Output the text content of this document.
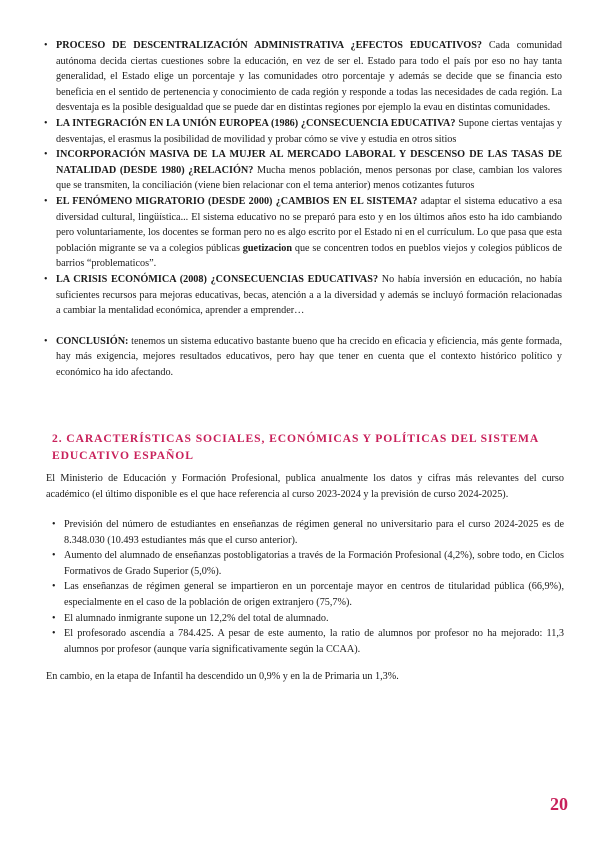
• PROCESO DE DESCENTRALIZACIÓN ADMINISTRATIVA ¿EFECTOS EDUCATIVOS? Cada comunidad autónoma decida ciertas cuestiones sobre la educación, en vez de ser el. Estado para todo el país por eso no hay tanta generalidad, el Estado elige un porcentaje y las comunidades otro porcentaje y además se decide que se financia esto beneficia en el sentido de pertenencia y conocimiento de cada región y responde a todas las necesidades de cada región. La desventaja es la posible desigualdad que se puede dar en distintas regiones por ejemplo la evau en distintas comunidades.
• LA INTEGRACIÓN EN LA UNIÓN EUROPEA (1986) ¿CONSECUENCIA EDUCATIVA? Supone ciertas ventajas y desventajas, el erasmus la posibilidad de movilidad y probar cómo se vive y estudia en otros sitios
• INCORPORACIÓN MASIVA DE LA MUJER AL MERCADO LABORAL Y DESCENSO DE LAS TASAS DE NATALIDAD (DESDE 1980) ¿RELACIÓN? Mucha menos población, menos personas por clase, cambian los valores que se transmiten, la conciliación (viene bien relacionar con el tema anterior) menos cotizantes futuros
• EL FENÓMENO MIGRATORIO (DESDE 2000) ¿CAMBIOS EN EL SISTEMA? adaptar el sistema educativo a esa diversidad cultural, lingüística... El sistema educativo no se preparó para esto y en los últimos años esto ha ido cambiando pero voluntariamente, los docentes se forman pero no es algo escrito por el Estado ni en el currículum. Lo que pasa que esta población migrante se va a colegios públicas guetizacion que se concentren todos en pueblos viejos y colegios públicos de barrios “problematicos”.
• LA CRISIS ECONÓMICA (2008) ¿CONSECUENCIAS EDUCATIVAS? No había inversión en educación, no había suficientes recursos para mejoras educativas, becas, atención a a la diversidad y además se incluyó formación relacionadas a cambiar la mentalidad económica, aprender a emprender…
• CONCLUSIÓN: tenemos un sistema educativo bastante bueno que ha crecido en eficacia y eficiencia, más gente formada, hay más exigencia, mejores resultados educativos, pero hay que tener en cuenta que el contexto histórico político y económico ha ido afectando.
2. CARACTERÍSTICAS SOCIALES, ECONÓMICAS Y POLÍTICAS DEL SISTEMA EDUCATIVO ESPAÑOL

El Ministerio de Educación y Formación Profesional, publica anualmente los datos y cifras más relevantes del curso académico (el último disponible es el que hace referencia al curso 2023-2024 y la previsión de curso 2024-2025).

• Previsión del número de estudiantes en enseñanzas de régimen general no universitario para el curso 2024-2025 es de 8.348.030 (10.493 estudiantes más que el curso anterior).
• Aumento del alumnado de enseñanzas postobligatorias a través de la Formación Profesional (4,2%), sobre todo, en Ciclos Formativos de Grado Superior (5,0%).
• Las enseñanzas de régimen general se impartieron en un porcentaje mayor en centros de titularidad pública (66,9%), especialmente en el caso de la población de origen extranjero (75,7%).
• El alumnado inmigrante supone un 12,2% del total de alumnado.
• El profesorado ascendía a 784.425. A pesar de este aumento, la ratio de alumnos por profesor no ha mejorado: 11,3 alumnos por profesor (aunque varía significativamente según la CCAA).

En cambio, en la etapa de Infantil ha descendido un 0,9% y en la de Primaria un 1,3%.

20
